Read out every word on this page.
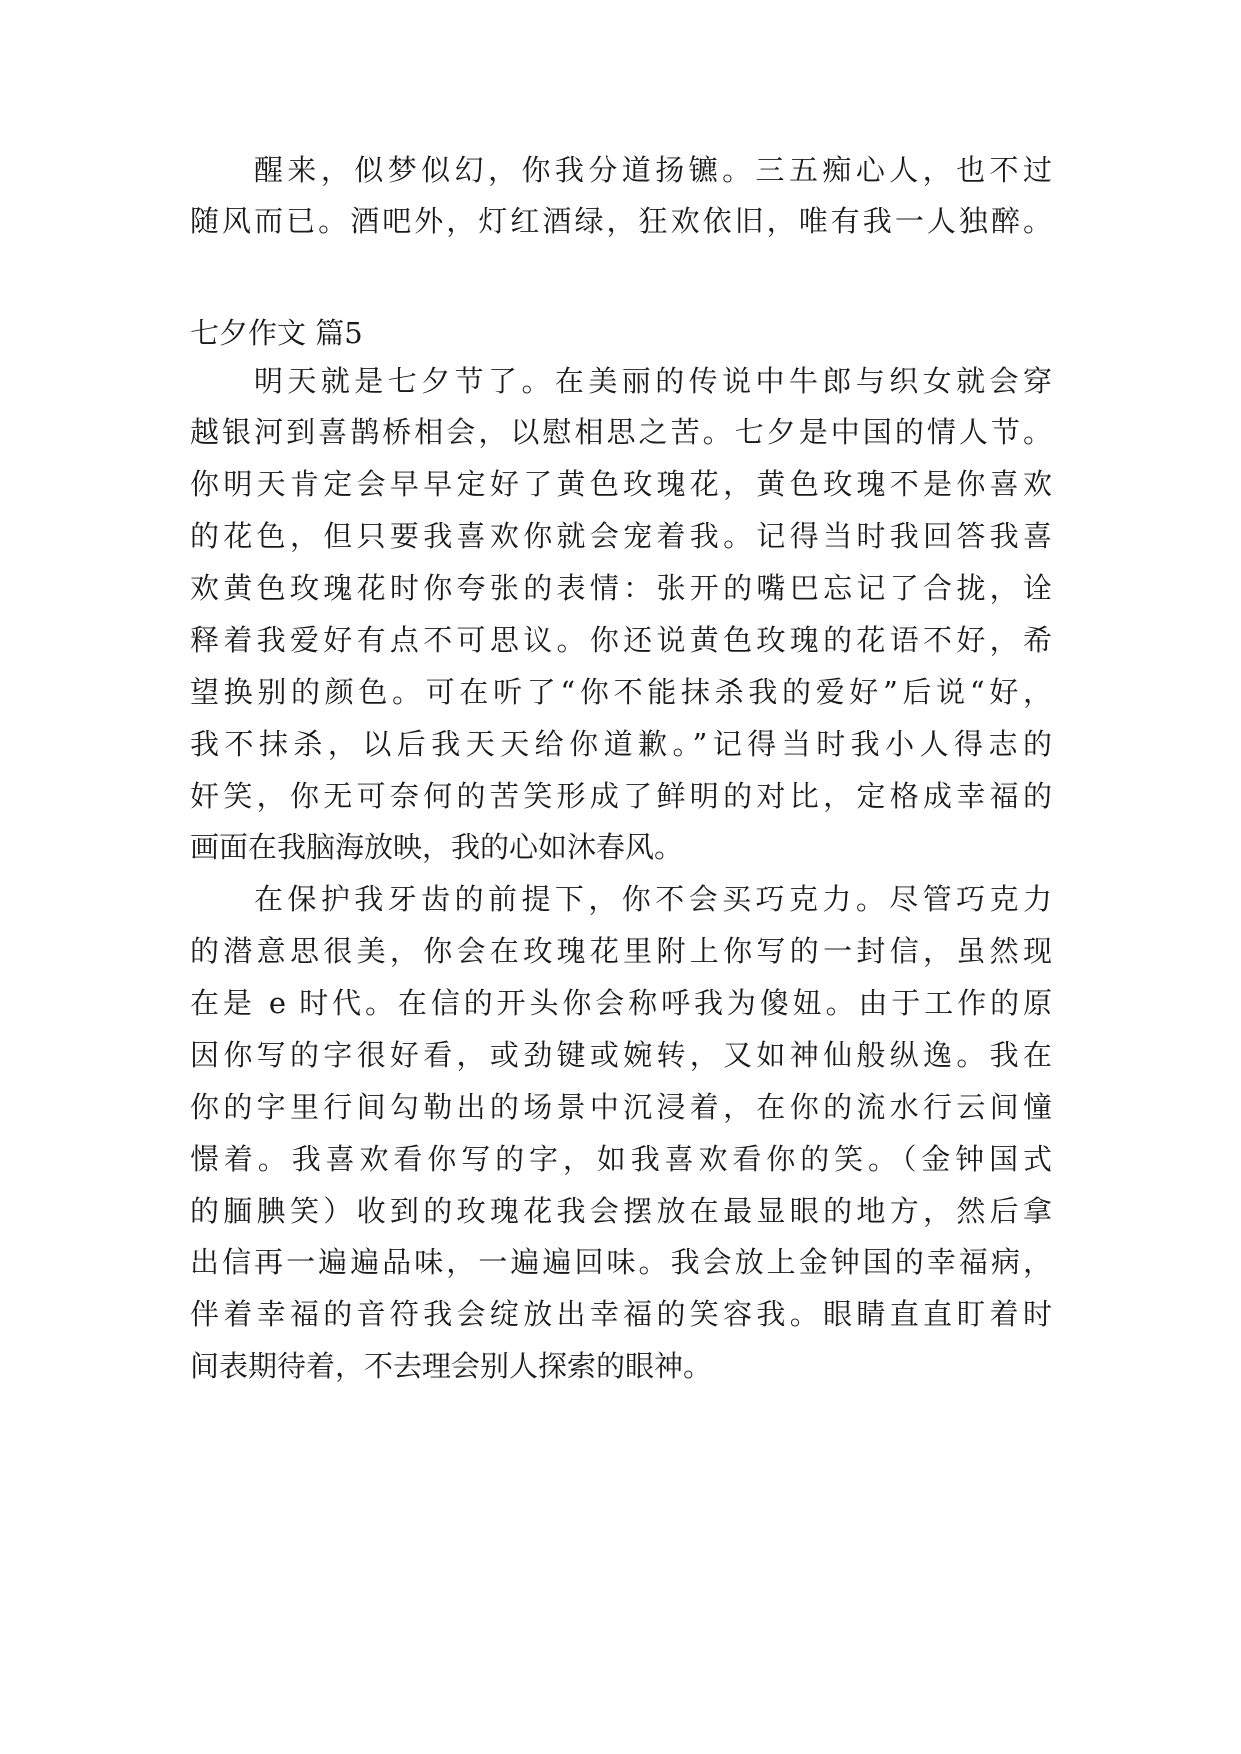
醒来，似梦似幻，你我分道扬镳。三五痴心人，也不过
随风而已。酒吧外，灯红酒绿，狂欢依旧，唯有我一人独醉。
七夕作文 篇5
明天就是七夕节了。在美丽的传说中牛郎与织女就会穿
越银河到喜鹊桥相会，以慰相思之苦。七夕是中国的情人节。
你明天肯定会早早定好了黄色玫瑰花，黄色玫瑰不是你喜欢
的花色，但只要我喜欢你就会宠着我。记得当时我回答我喜
欢黄色玫瑰花时你夸张的表情：张开的嘴巴忘记了合拢，诠
释着我爱好有点不可思议。你还说黄色玫瑰的花语不好，希
望换别的颜色。可在听了“你不能抹杀我的爱好”后说“好，
我不抹杀，以后我天天给你道歉。”记得当时我小人得志的
奸笑，你无可奈何的苦笑形成了鲜明的对比，定格成幸福的
画面在我脑海放映，我的心如沐春风。
在保护我牙齿的前提下，你不会买巧克力。尽管巧克力
的潜意思很美，你会在玫瑰花里附上你写的一封信，虽然现
在是 e 时代。在信的开头你会称呼我为傻妞。由于工作的原
因你写的字很好看，或劲键或婉转，又如神仙般纵逸。我在
你的字里行间勾勒出的场景中沉浸着，在你的流水行云间憧
憬着。我喜欢看你写的字，如我喜欢看你的笑。（金钟国式
的腼腆笑）收到的玫瑰花我会摆放在最显眼的地方，然后拿
出信再一遍遍品味，一遍遍回味。我会放上金钟国的幸福病，
伴着幸福的音符我会绽放出幸福的笑容我。眼睛直直盯着时
间表期待着，不去理会别人探索的眼神。
